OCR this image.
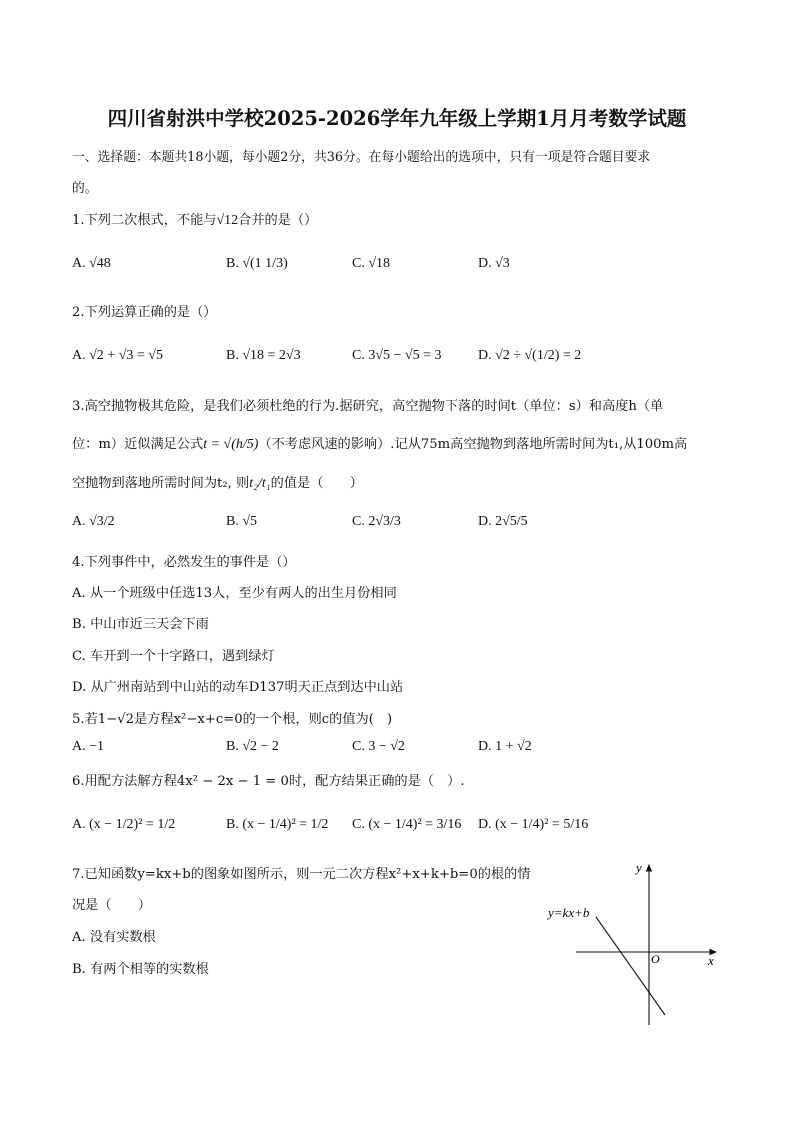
四川省射洪中学校2025-2026学年九年级上学期1月月考数学试题
一、选择题：本题共18小题，每小题2分，共36分。在每小题给出的选项中，只有一项是符合题目要求
的。
1.下列二次根式，不能与√12合并的是（）
A. √48	B. √(1 1/3)	C. √18	D. √3
2.下列运算正确的是（）
A. √2 + √3 = √5	B. √18 = 2√3	C. 3√5 − √5 = 3	D. √2 ÷ √(1/2) = 2
3.高空抛物极其危险，是我们必须杜绝的行为.据研究，高空抛物下落的时间t（单位：s）和高度h（单
位：m）近似满足公式t = √(h/5)（不考虑风速的影响）.记从75m高空抛物到落地所需时间为t₁,从100m高
空抛物到落地所需时间为t₂, 则t₂/t₁的值是（　　）
A. √3/2	B. √5	C. 2√3/3	D. 2√5/5
4.下列事件中，必然发生的事件是（）
A. 从一个班级中任选13人，至少有两人的出生月份相同
B. 中山市近三天会下雨
C. 车开到一个十字路口，遇到绿灯
D. 从广州南站到中山站的动车D137明天正点到达中山站
5.若1−√2是方程x²−x+c=0的一个根，则c的值为(　)
A. −1	B. √2 − 2	C. 3 − √2	D. 1 + √2
6.用配方法解方程4x² − 2x − 1 = 0时，配方结果正确的是（　）.
A. (x − 1/2)² = 1/2	B. (x − 1/4)² = 1/2 C. (x − 1/4)² = 3/16 D. (x − 1/4)² = 5/16
7.已知函数y=kx+b的图象如图所示，则一元二次方程x²+x+k+b=0的根的情
况是（　　）
A. 没有实数根
B. 有两个相等的实数根
y
x
O
y=kx+b
